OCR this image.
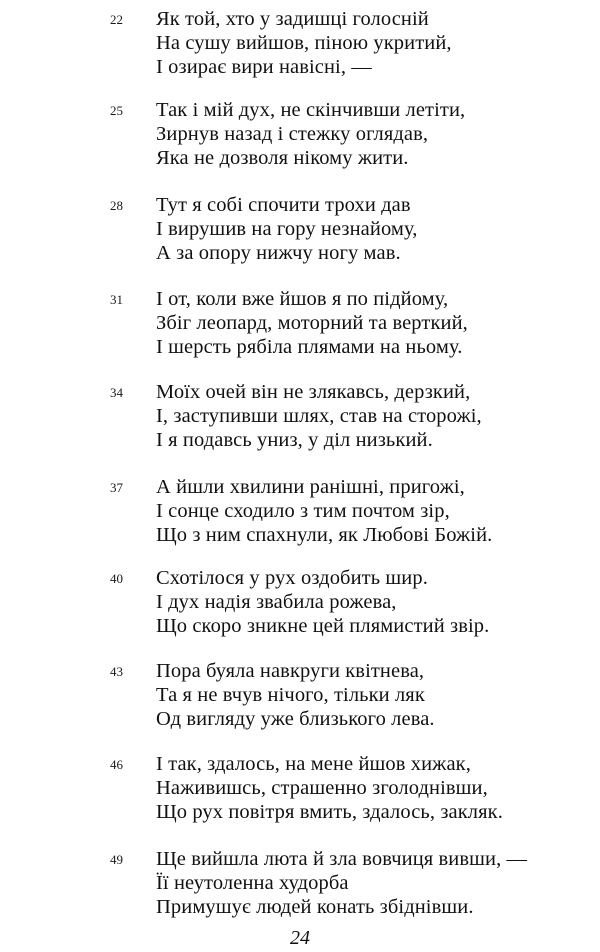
22 Як той, хто у задишці голосній
На сушу вийшов, піною укритий,
І озирає вири навісні, —
25 Так і мій дух, не скінчивши летіти,
Зирнув назад і стежку оглядав,
Яка не дозволя нікому жити.
28 Тут я собі спочити трохи дав
І вирушив на гору незнайому,
А за опору нижчу ногу мав.
31 І от, коли вже йшов я по підйому,
Збіг леопард, моторний та верткий,
І шерсть рябіла плямами на ньому.
34 Моїх очей він не злякавсь, дерзкий,
І, заступивши шлях, став на сторожі,
І я подавсь униз, у діл низький.
37 А йшли хвилини ранішні, пригожі,
І сонце сходило з тим почтом зір,
Що з ним спахнули, як Любові Божій.
40 Схотілося у рух оздобить шир.
І дух надія звабила рожева,
Що скоро зникне цей плямистий звір.
43 Пора буяла навкруги квітнева,
Та я не вчув нічого, тільки ляк
Од вигляду уже близького лева.
46 І так, здалось, на мене йшов хижак,
Наживишсь, страшенно зголоднівши,
Що рух повітря вмить, здалось, закляк.
49 Ще вийшла люта й зла вовчиця вивши, —
Її неутоленна худорба
Примушує людей конать збіднівши.
24
